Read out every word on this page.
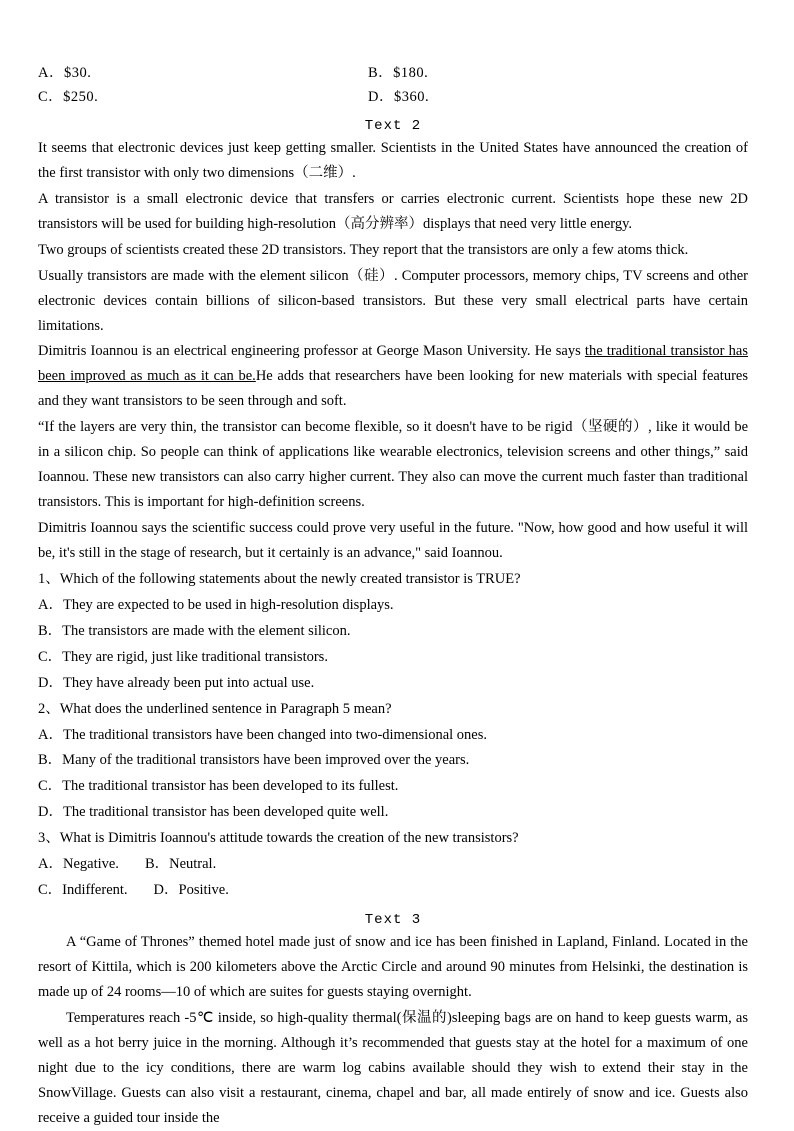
A．$30.	B．$180.
C．$250.	D．$360.
Text 2

It seems that electronic devices just keep getting smaller. Scientists in the United States have announced the creation of the first transistor with only two dimensions（二维）.

A transistor is a small electronic device that transfers or carries electronic current. Scientists hope these new 2D transistors will be used for building high-resolution（高分辨率）displays that need very little energy.

Two groups of scientists created these 2D transistors. They report that the transistors are only a few atoms thick.

Usually transistors are made with the element silicon（硅）. Computer processors, memory chips, TV screens and other electronic devices contain billions of silicon-based transistors. But these very small electrical parts have certain limitations.

Dimitris Ioannou is an electrical engineering professor at George Mason University. He says the traditional transistor has been improved as much as it can be.He adds that researchers have been looking for new materials with special features and they want transistors to be seen through and soft.

“If the layers are very thin, the transistor can become flexible, so it doesn't have to be rigid（坚硬的）, like it would be in a silicon chip. So people can think of applications like wearable electronics, television screens and other things,” said Ioannou. These new transistors can also carry higher current. They also can move the current much faster than traditional transistors. This is important for high-definition screens.

Dimitris Ioannou says the scientific success could prove very useful in the future. "Now, how good and how useful it will be, it's still in the stage of research, but it certainly is an advance," said Ioannou.

1、Which of the following statements about the newly created transistor is TRUE?
A．They are expected to be used in high-resolution displays.
B．The transistors are made with the element silicon.
C．They are rigid, just like traditional transistors.
D．They have already been put into actual use.
2、What does the underlined sentence in Paragraph 5 mean?
A．The traditional transistors have been changed into two-dimensional ones.
B．Many of the traditional transistors have been improved over the years.
C．The traditional transistor has been developed to its fullest.
D．The traditional transistor has been developed quite well.
3、What is Dimitris Ioannou's attitude towards the creation of the new transistors?
A．Negative. B．Neutral.
C．Indifferent. D．Positive.
Text 3

A “Game of Thrones” themed hotel made just of snow and ice has been finished in Lapland, Finland. Located in the resort of Kittila, which is 200 kilometers above the Arctic Circle and around 90 minutes from Helsinki, the destination is made up of 24 rooms—10 of which are suites for guests staying overnight.

Temperatures reach -5℃ inside, so high-quality thermal(保温的)sleeping bags are on hand to keep guests warm, as well as a hot berry juice in the morning. Although it’s recommended that guests stay at the hotel for a maximum of one night due to the icy conditions, there are warm log cabins available should they wish to extend their stay in the SnowVillage. Guests can also visit a restaurant, cinema, chapel and bar, all made entirely of snow and ice. Guests also receive a guided tour inside the
